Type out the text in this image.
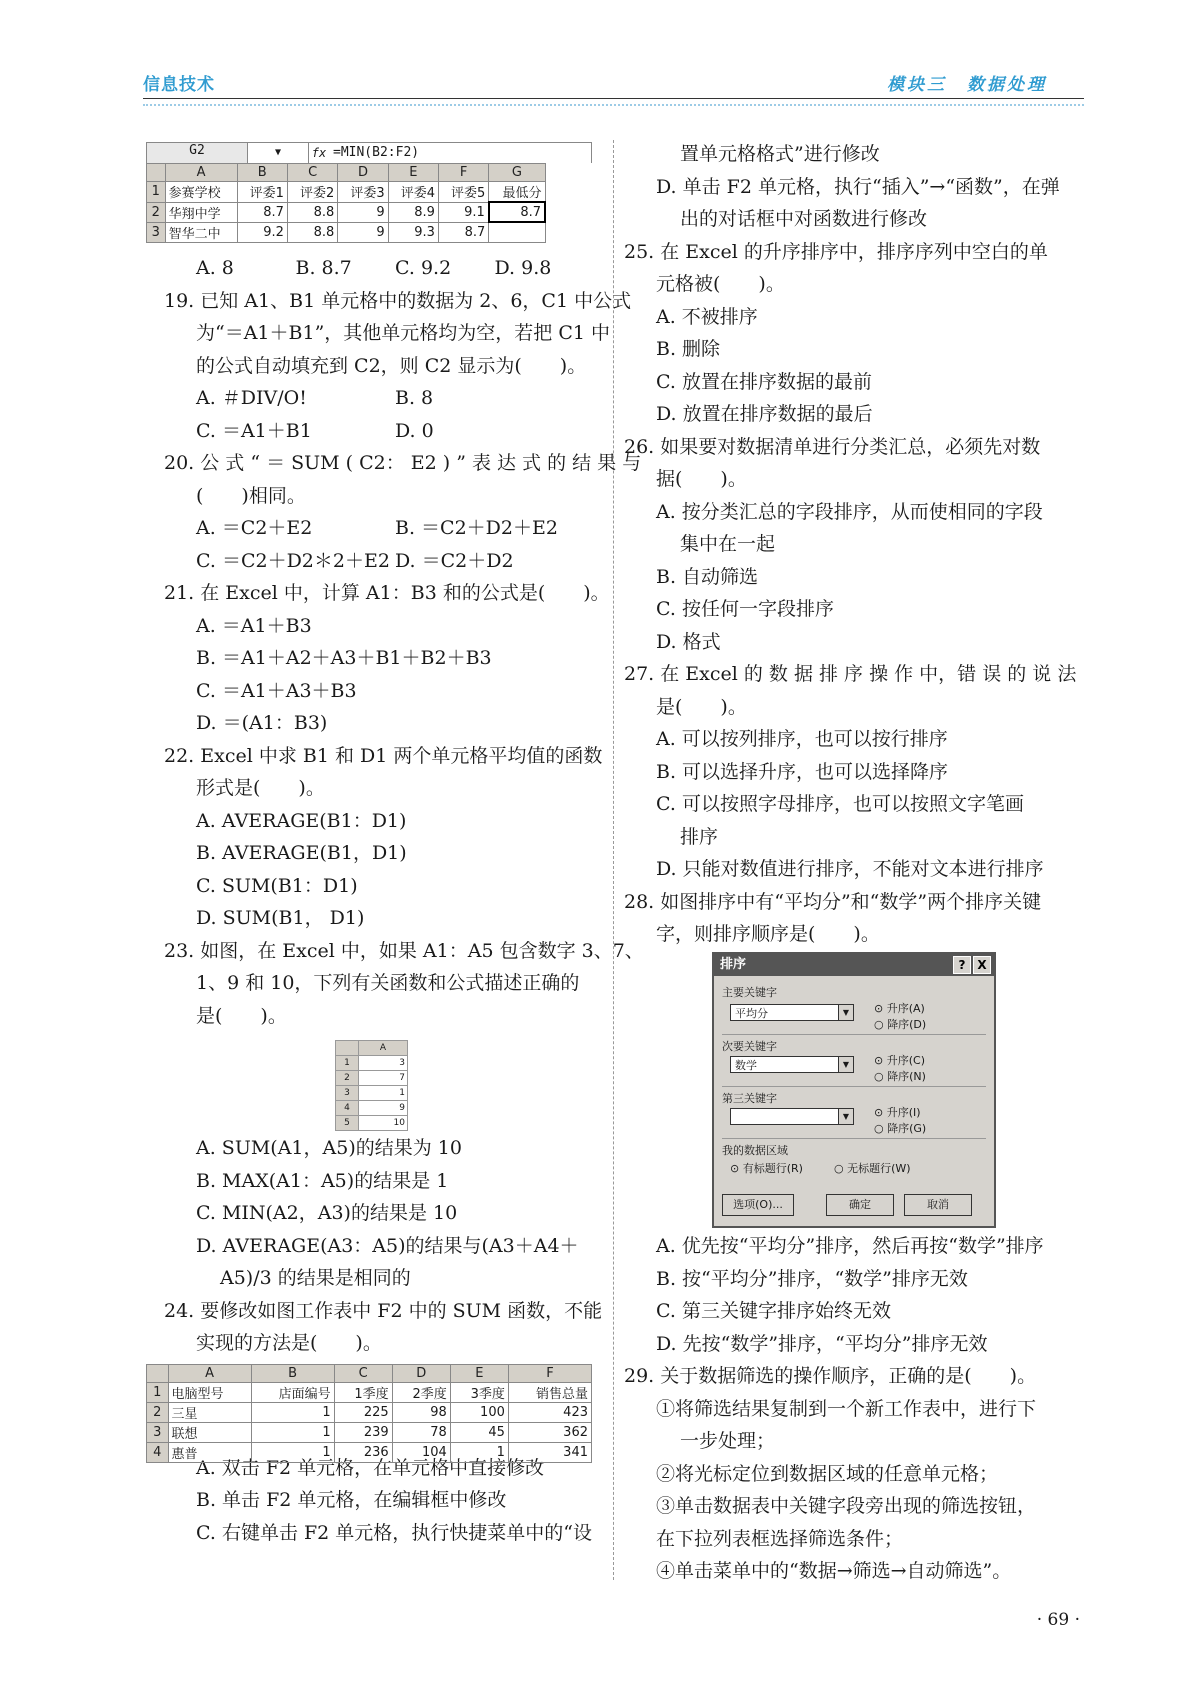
信息技术	模块三　数据处理
G2	▼	fx =MIN(B2:F2)
	A	B	C	D	E	F	G
1	参赛学校	评委1	评委2	评委3	评委4	评委5	最低分
2	华翔中学	8.7	8.8	9	8.9	9.1	8.7
3	智华二中	9.2	8.8	9	9.3	8.7	
A. 8	B. 8.7	C. 9.2	D. 9.8
19. 已知 A1、B1 单元格中的数据为 2、6，C1 中公式
为“＝A1＋B1”，其他单元格均为空，若把 C1 中
的公式自动填充到 C2，则 C2 显示为(　　)。
A. ＃DIV/O!	B. 8
C. ＝A1＋B1	D. 0
20. 公 式 “ ＝ SUM ( C2： E2 ) ” 表 达 式 的 结 果 与
(　　)相同。
A. ＝C2＋E2	B. ＝C2＋D2＋E2
C. ＝C2＋D2＊2＋E2 D. ＝C2＋D2
21. 在 Excel 中，计算 A1：B3 和的公式是(　　)。
A. ＝A1＋B3
B. ＝A1＋A2＋A3＋B1＋B2＋B3
C. ＝A1＋A3＋B3
D. ＝(A1：B3)
22. Excel 中求 B1 和 D1 两个单元格平均值的函数
形式是(　　)。
A. AVERAGE(B1：D1)
B. AVERAGE(B1，D1)
C. SUM(B1：D1)
D. SUM(B1， D1)
23. 如图，在 Excel 中，如果 A1：A5 包含数字 3、7、
1、9 和 10，下列有关函数和公式描述正确的
是(　　)。
A. SUM(A1，A5)的结果为 10
B. MAX(A1：A5)的结果是 1
C. MIN(A2，A3)的结果是 10
D. AVERAGE(A3：A5)的结果与(A3＋A4＋
A5)/3 的结果是相同的
24. 要修改如图工作表中 F2 中的 SUM 函数，不能
实现的方法是(　　)。
A. 双击 F2 单元格，在单元格中直接修改
B. 单击 F2 单元格，在编辑框中修改
C. 右键单击 F2 单元格，执行快捷菜单中的“设
	A
1	3
2	7
3	1
4	9
5	10
	A	B	C	D	E	F
1	电脑型号	店面编号	1季度	2季度	3季度	销售总量
2	三星	1	225	98	100	423
3	联想	1	239	78	45	362
4	惠普	1	236	104	1	341
置单元格格式”进行修改
D. 单击 F2 单元格，执行“插入”→“函数”，在弹
出的对话框中对函数进行修改
25. 在 Excel 的升序排序中，排序序列中空白的单
元格被(　　)。
A. 不被排序
B. 删除
C. 放置在排序数据的最前
D. 放置在排序数据的最后
26. 如果要对数据清单进行分类汇总，必须先对数
据(　　)。
A. 按分类汇总的字段排序，从而使相同的字段
集中在一起
B. 自动筛选
C. 按任何一字段排序
D. 格式
27. 在 Excel 的 数 据 排 序 操 作 中，错 误 的 说 法
是(　　)。
A. 可以按列排序，也可以按行排序
B. 可以选择升序，也可以选择降序
C. 可以按照字母排序，也可以按照文字笔画
排序
D. 只能对数值进行排序，不能对文本进行排序
28. 如图排序中有“平均分”和“数学”两个排序关键
字，则排序顺序是(　　)。
排序	? X
主要关键字
平均分	▼	⊙ 升序(A)
○ 降序(D)
次要关键字
数学	▼	⊙ 升序(C)
○ 降序(N)
第三关键字
▼	⊙ 升序(I)
○ 降序(G)
我的数据区域
⊙ 有标题行(R)	○ 无标题行(W)
选项(O)...	确定	取消
A. 优先按“平均分”排序，然后再按“数学”排序
B. 按“平均分”排序，“数学”排序无效
C. 第三关键字排序始终无效
D. 先按“数学”排序，“平均分”排序无效
29. 关于数据筛选的操作顺序，正确的是(　　)。
①将筛选结果复制到一个新工作表中，进行下
一步处理；
②将光标定位到数据区域的任意单元格；
③单击数据表中关键字段旁出现的筛选按钮，
在下拉列表框选择筛选条件；
④单击菜单中的“数据→筛选→自动筛选”。
· 69 ·
